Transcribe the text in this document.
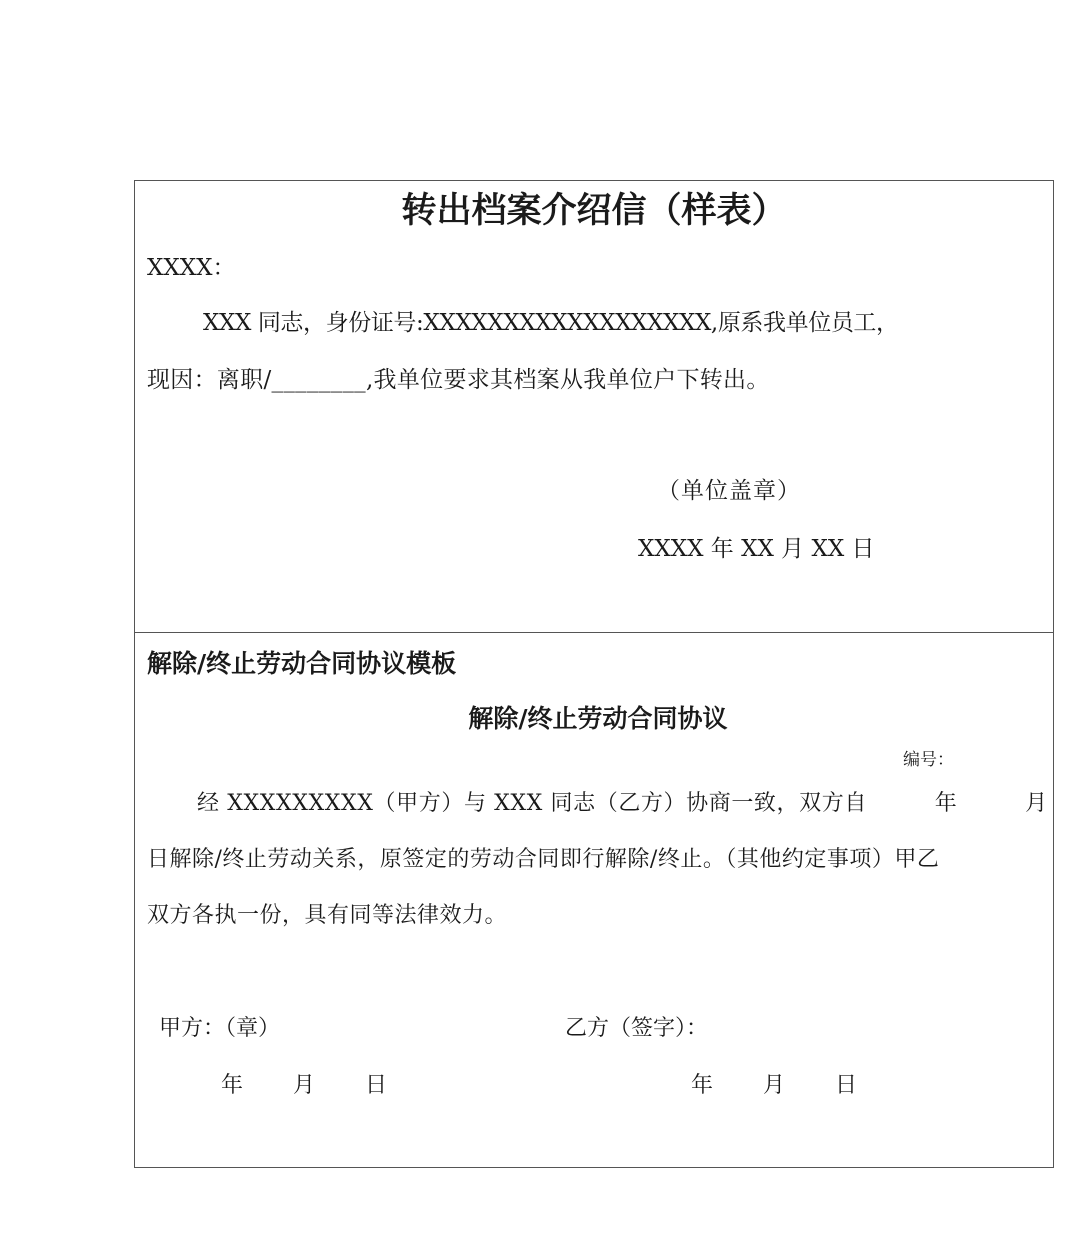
转出档案介绍信（样表）
XXXX：
XXX 同志，身份证号:XXXXXXXXXXXXXXXXXX,原系我单位员工，
现因：离职/________,我单位要求其档案从我单位户下转出。
（单位盖章）
XXXX 年 XX 月 XX 日
解除/终止劳动合同协议模板
解除/终止劳动合同协议
编号：
经 XXXXXXXXX（甲方）与 XXX 同志（乙方）协商一致，双方自　　　年　　　月
日解除/终止劳动关系，原签定的劳动合同即行解除/终止。（其他约定事项）甲乙
双方各执一份，具有同等法律效力。
甲方：（章）	乙方（签字）：
年　　月　　日	年　　月　　日
